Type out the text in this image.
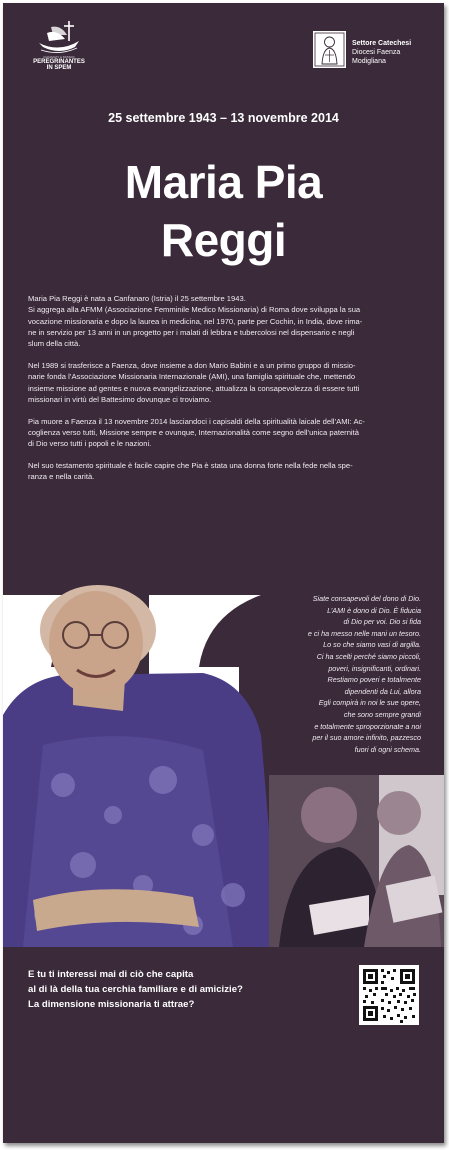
CHIAMATI A MISSIO
PEREGRINANTES
IN SPEM
Settore Catechesi
Diocesi Faenza
Modigliana
25 settembre 1943 – 13 novembre 2014
Maria Pia
Reggi

Maria Pia Reggi è nata a Canfanaro (Istria) il 25 settembre 1943.
Si aggrega alla AFMM (Associazione Femminile Medico Missionaria) di Roma dove sviluppa la sua
vocazione missionaria e dopo la laurea in medicina, nel 1970, parte per Cochin, in India, dove rima-
ne in servizio per 13 anni in un progetto per i malati di lebbra e tubercolosi nel dispensario e negli
slum della città.

Nel 1989 si trasferisce a Faenza, dove insieme a don Mario Babini e a un primo gruppo di missio-
narie fonda l’Associazione Missionaria Internazionale (AMI), una famiglia spirituale che, mettendo
insieme missione ad gentes e nuova evangelizzazione, attualizza la consapevolezza di essere tutti
missionari in virtù del Battesimo dovunque ci troviamo.

Pia muore a Faenza il 13 novembre 2014 lasciandoci i capisaldi della spiritualità laicale dell’AMI: Ac-
coglienza verso tutti, Missione sempre e ovunque, Internazionalità come segno dell’unica paternità
di Dio verso tutti i popoli e le nazioni.

Nel suo testamento spirituale è facile capire che Pia è stata una donna forte nella fede nella spe-
ranza e nella carità.

Siate consapevoli del dono di Dio.
L’AMI è dono di Dio. È fiducia
di Dio per voi. Dio si fida
e ci ha messo nelle mani un tesoro.
Lo so che siamo vasi di argilla.
Ci ha scelti perché siamo piccoli,
poveri, insignificanti, ordinari.
Restiamo poveri e totalmente
dipendenti da Lui, allora
Egli compirà in noi le sue opere,
che sono sempre grandi
e totalmente sproporzionate a noi
per il suo amore infinito, pazzesco
fuori di ogni schema.
E tu ti interessi mai di ciò che capita
al di là della tua cerchia familiare e di amicizie?
La dimensione missionaria ti attrae?
